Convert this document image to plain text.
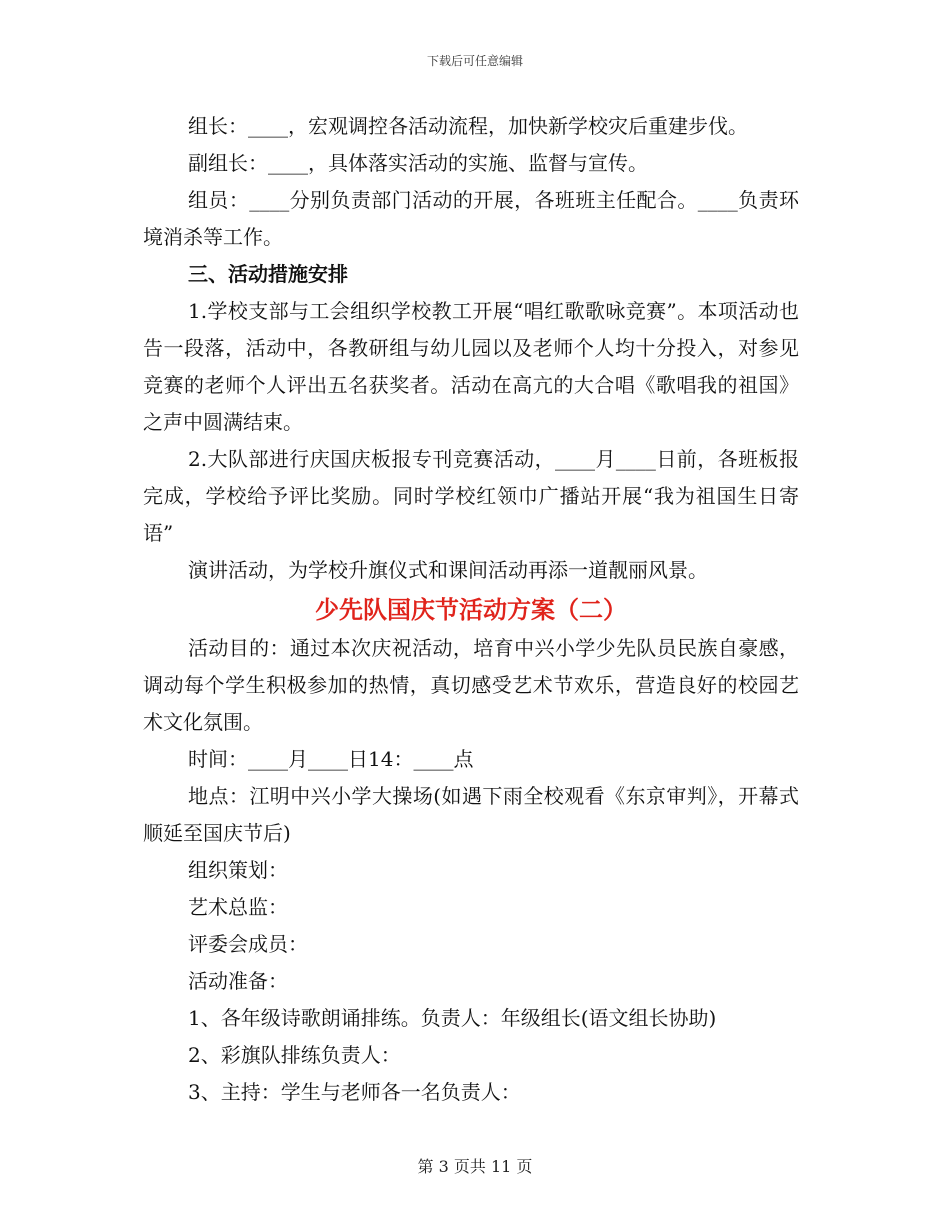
下载后可任意编辑
组长：____，宏观调控各活动流程，加快新学校灾后重建步伐。
副组长：____，具体落实活动的实施、监督与宣传。
组员：____分别负责部门活动的开展，各班班主任配合。____负责环境消杀等工作。
三、活动措施安排
1.学校支部与工会组织学校教工开展“唱红歌歌咏竞赛”。本项活动也告一段落，活动中，各教研组与幼儿园以及老师个人均十分投入，对参见竞赛的老师个人评出五名获奖者。活动在高亢的大合唱《歌唱我的祖国》之声中圆满结束。
2.大队部进行庆国庆板报专刊竞赛活动，____月____日前，各班板报完成，学校给予评比奖励。同时学校红领巾广播站开展“我为祖国生日寄语”
演讲活动，为学校升旗仪式和课间活动再添一道靓丽风景。
少先队国庆节活动方案（二）
活动目的：通过本次庆祝活动，培育中兴小学少先队员民族自豪感，调动每个学生积极参加的热情，真切感受艺术节欢乐，营造良好的校园艺术文化氛围。
时间：____月____日14：____点
地点：江明中兴小学大操场(如遇下雨全校观看《东京审判》，开幕式顺延至国庆节后)
组织策划：
艺术总监：
评委会成员：
活动准备：
1、各年级诗歌朗诵排练。负责人：年级组长(语文组长协助)
2、彩旗队排练负责人：
3、主持：学生与老师各一名负责人：
第 3 页共 11 页
